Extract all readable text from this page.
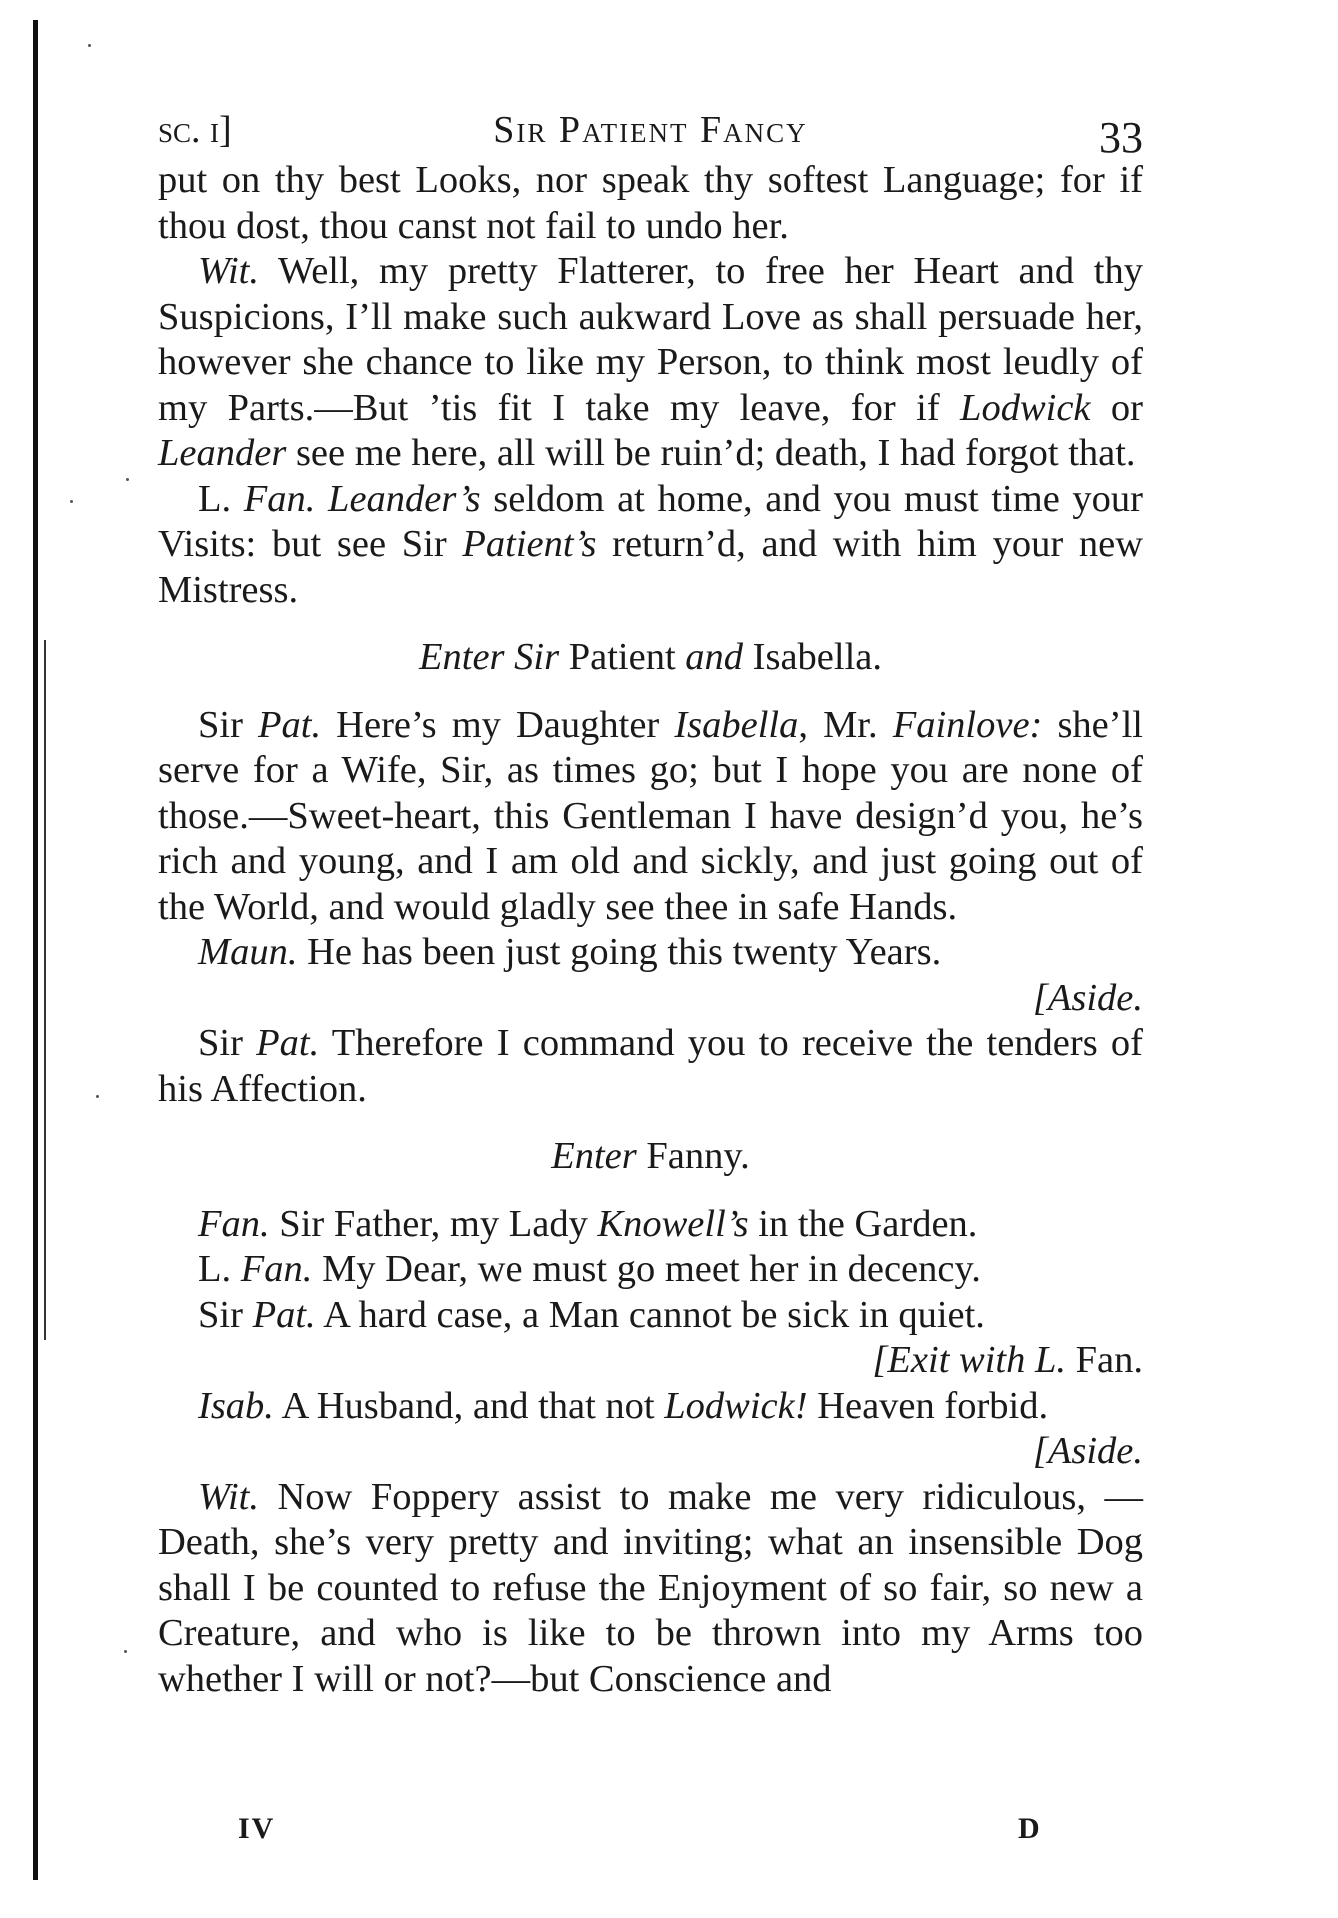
sc. i]	Sir Patient Fancy	33

put on thy best Looks, nor speak thy softest Language; for if thou dost, thou canst not fail to undo her.

Wit. Well, my pretty Flatterer, to free her Heart and thy Suspicions, I’ll make such aukward Love as shall persuade her, however she chance to like my Person, to think most leudly of my Parts.—But ’tis fit I take my leave, for if Lodwick or Leander see me here, all will be ruin’d; death, I had forgot that.

L. Fan. Leander’s seldom at home, and you must time your Visits: but see Sir Patient’s return’d, and with him your new Mistress.

Enter Sir Patient and Isabella.

Sir Pat. Here’s my Daughter Isabella, Mr. Fainlove: she’ll serve for a Wife, Sir, as times go; but I hope you are none of those.—Sweet-heart, this Gentleman I have design’d you, he’s rich and young, and I am old and sickly, and just going out of the World, and would gladly see thee in safe Hands.

Maun. He has been just going this twenty Years.

[Aside.

Sir Pat. Therefore I command you to receive the tenders of his Affection.

Enter Fanny.

Fan. Sir Father, my Lady Knowell’s in the Garden.

L. Fan. My Dear, we must go meet her in decency.

Sir Pat. A hard case, a Man cannot be sick in quiet.

[Exit with L. Fan.

Isab. A Husband, and that not Lodwick! Heaven forbid.

[Aside.

Wit. Now Foppery assist to make me very ridiculous, —Death, she’s very pretty and inviting; what an insensible Dog shall I be counted to refuse the Enjoyment of so fair, so new a Creature, and who is like to be thrown into my Arms too whether I will or not?—but Conscience and

IV	D
